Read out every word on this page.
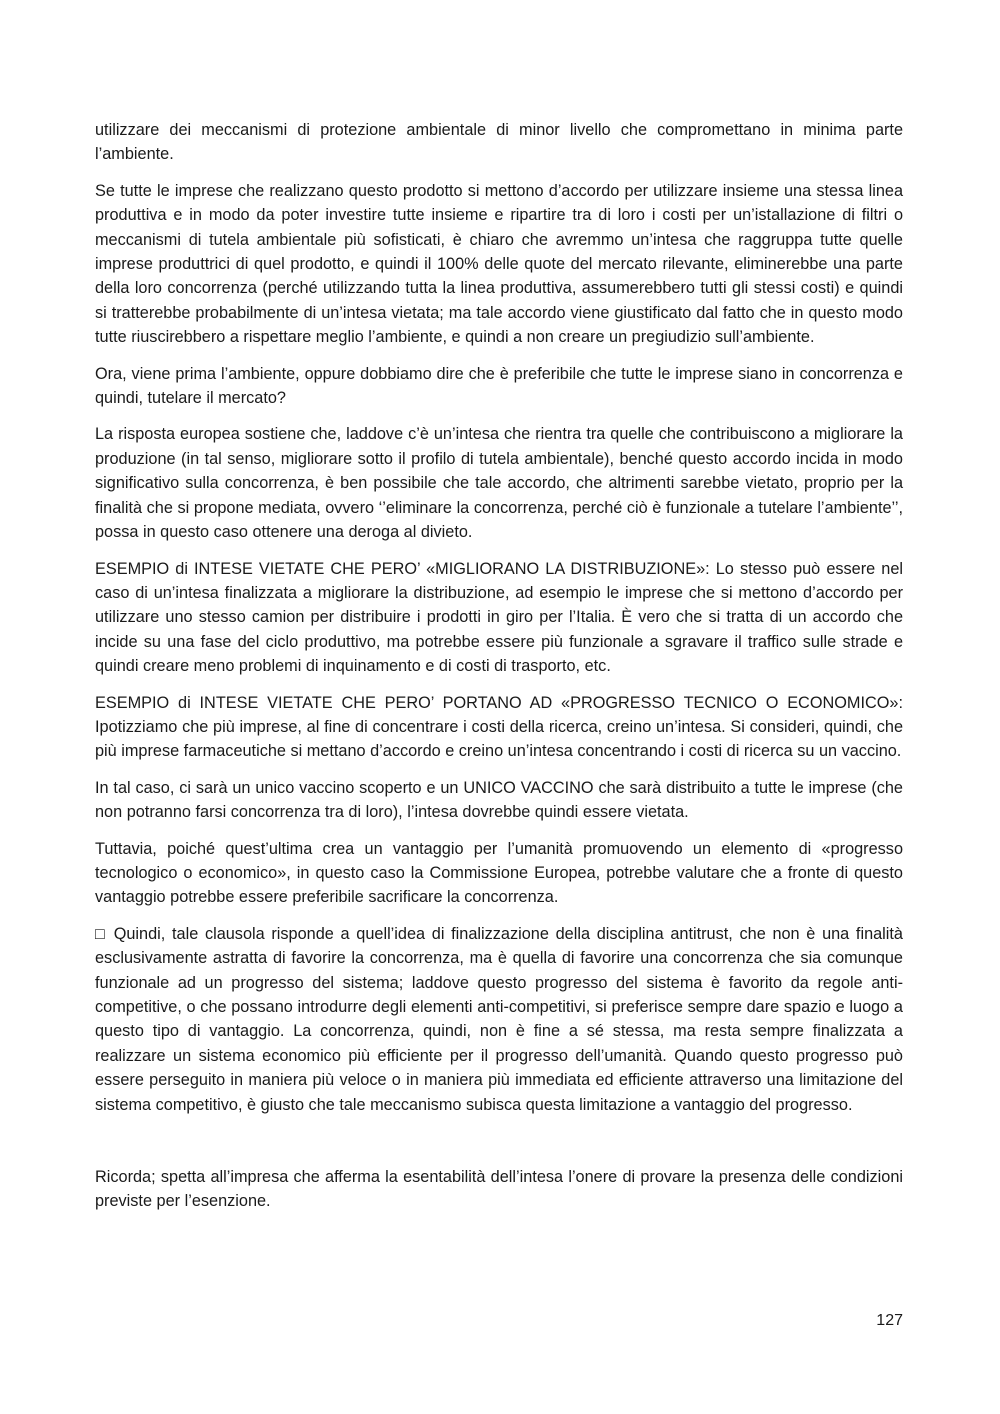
utilizzare dei meccanismi di protezione ambientale di minor livello che compromettano in minima parte l’ambiente.

Se tutte le imprese che realizzano questo prodotto si mettono d’accordo per utilizzare insieme una stessa linea produttiva e in modo da poter investire tutte insieme e ripartire tra di loro i costi per un’istallazione di filtri o meccanismi di tutela ambientale più sofisticati, è chiaro che avremmo un’intesa che raggruppa tutte quelle imprese produttrici di quel prodotto, e quindi il 100% delle quote del mercato rilevante, eliminerebbe una parte della loro concorrenza (perché utilizzando tutta la linea produttiva, assumerebbero tutti gli stessi costi) e quindi si tratterebbe probabilmente di un’intesa vietata; ma tale accordo viene giustificato dal fatto che in questo modo tutte riuscirebbero a rispettare meglio l’ambiente, e quindi a non creare un pregiudizio sull’ambiente.

Ora, viene prima l’ambiente, oppure dobbiamo dire che è preferibile che tutte le imprese siano in concorrenza e quindi, tutelare il mercato?

La risposta europea sostiene che, laddove c’è un’intesa che rientra tra quelle che contribuiscono a migliorare la produzione (in tal senso, migliorare sotto il profilo di tutela ambientale), benché questo accordo incida in modo significativo sulla concorrenza, è ben possibile che tale accordo, che altrimenti sarebbe vietato, proprio per la finalità che si propone mediata, ovvero ‘’eliminare la concorrenza, perché ciò è funzionale a tutelare l’ambiente’’, possa in questo caso ottenere una deroga al divieto.

ESEMPIO di INTESE VIETATE CHE PERO’ «MIGLIORANO LA DISTRIBUZIONE»: Lo stesso può essere nel caso di un’intesa finalizzata a migliorare la distribuzione, ad esempio le imprese che si mettono d’accordo per utilizzare uno stesso camion per distribuire i prodotti in giro per l’Italia. È vero che si tratta di un accordo che incide su una fase del ciclo produttivo, ma potrebbe essere più funzionale a sgravare il traffico sulle strade e quindi creare meno problemi di inquinamento e di costi di trasporto, etc.

ESEMPIO di INTESE VIETATE CHE PERO’ PORTANO AD «PROGRESSO TECNICO O ECONOMICO»: Ipotizziamo che più imprese, al fine di concentrare i costi della ricerca, creino un’intesa. Si consideri, quindi, che più imprese farmaceutiche si mettano d’accordo e creino un’intesa concentrando i costi di ricerca su un vaccino.

In tal caso, ci sarà un unico vaccino scoperto e un UNICO VACCINO che sarà distribuito a tutte le imprese (che non potranno farsi concorrenza tra di loro), l’intesa dovrebbe quindi essere vietata.

Tuttavia, poiché quest’ultima crea un vantaggio per l’umanità promuovendo un elemento di «progresso tecnologico o economico», in questo caso la Commissione Europea, potrebbe valutare che a fronte di questo vantaggio potrebbe essere preferibile sacrificare la concorrenza.

□ Quindi, tale clausola risponde a quell’idea di finalizzazione della disciplina antitrust, che non è una finalità esclusivamente astratta di favorire la concorrenza, ma è quella di favorire una concorrenza che sia comunque funzionale ad un progresso del sistema; laddove questo progresso del sistema è favorito da regole anti-competitive, o che possano introdurre degli elementi anti-competitivi, si preferisce sempre dare spazio e luogo a questo tipo di vantaggio. La concorrenza, quindi, non è fine a sé stessa, ma resta sempre finalizzata a realizzare un sistema economico più efficiente per il progresso dell’umanità. Quando questo progresso può essere perseguito in maniera più veloce o in maniera più immediata ed efficiente attraverso una limitazione del sistema competitivo, è giusto che tale meccanismo subisca questa limitazione a vantaggio del progresso.

Ricorda; spetta all’impresa che afferma la esentabilità dell’intesa l’onere di provare la presenza delle condizioni previste per l’esenzione.

127
